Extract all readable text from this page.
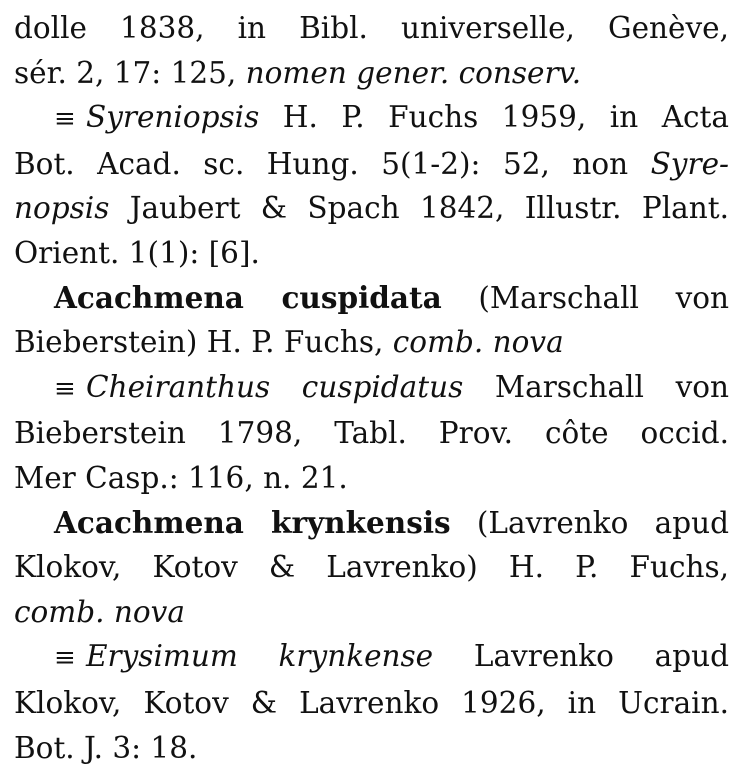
dolle 1838, in Bibl. universelle, Genève,
sér. 2, 17: 125, nomen gener. conserv.
≡ Syreniopsis H. P. Fuchs 1959, in Acta
Bot. Acad. sc. Hung. 5(1-2): 52, non Syre-
nopsis Jaubert & Spach 1842, Illustr. Plant.
Orient. 1(1): [6].
Acachmena cuspidata (Marschall von
Bieberstein) H. P. Fuchs, comb. nova
≡ Cheiranthus cuspidatus Marschall von
Bieberstein 1798, Tabl. Prov. côte occid.
Mer Casp.: 116, n. 21.
Acachmena krynkensis (Lavrenko apud
Klokov, Kotov & Lavrenko) H. P. Fuchs,
comb. nova
≡ Erysimum krynkense Lavrenko apud
Klokov, Kotov & Lavrenko 1926, in Ucrain.
Bot. J. 3: 18.
